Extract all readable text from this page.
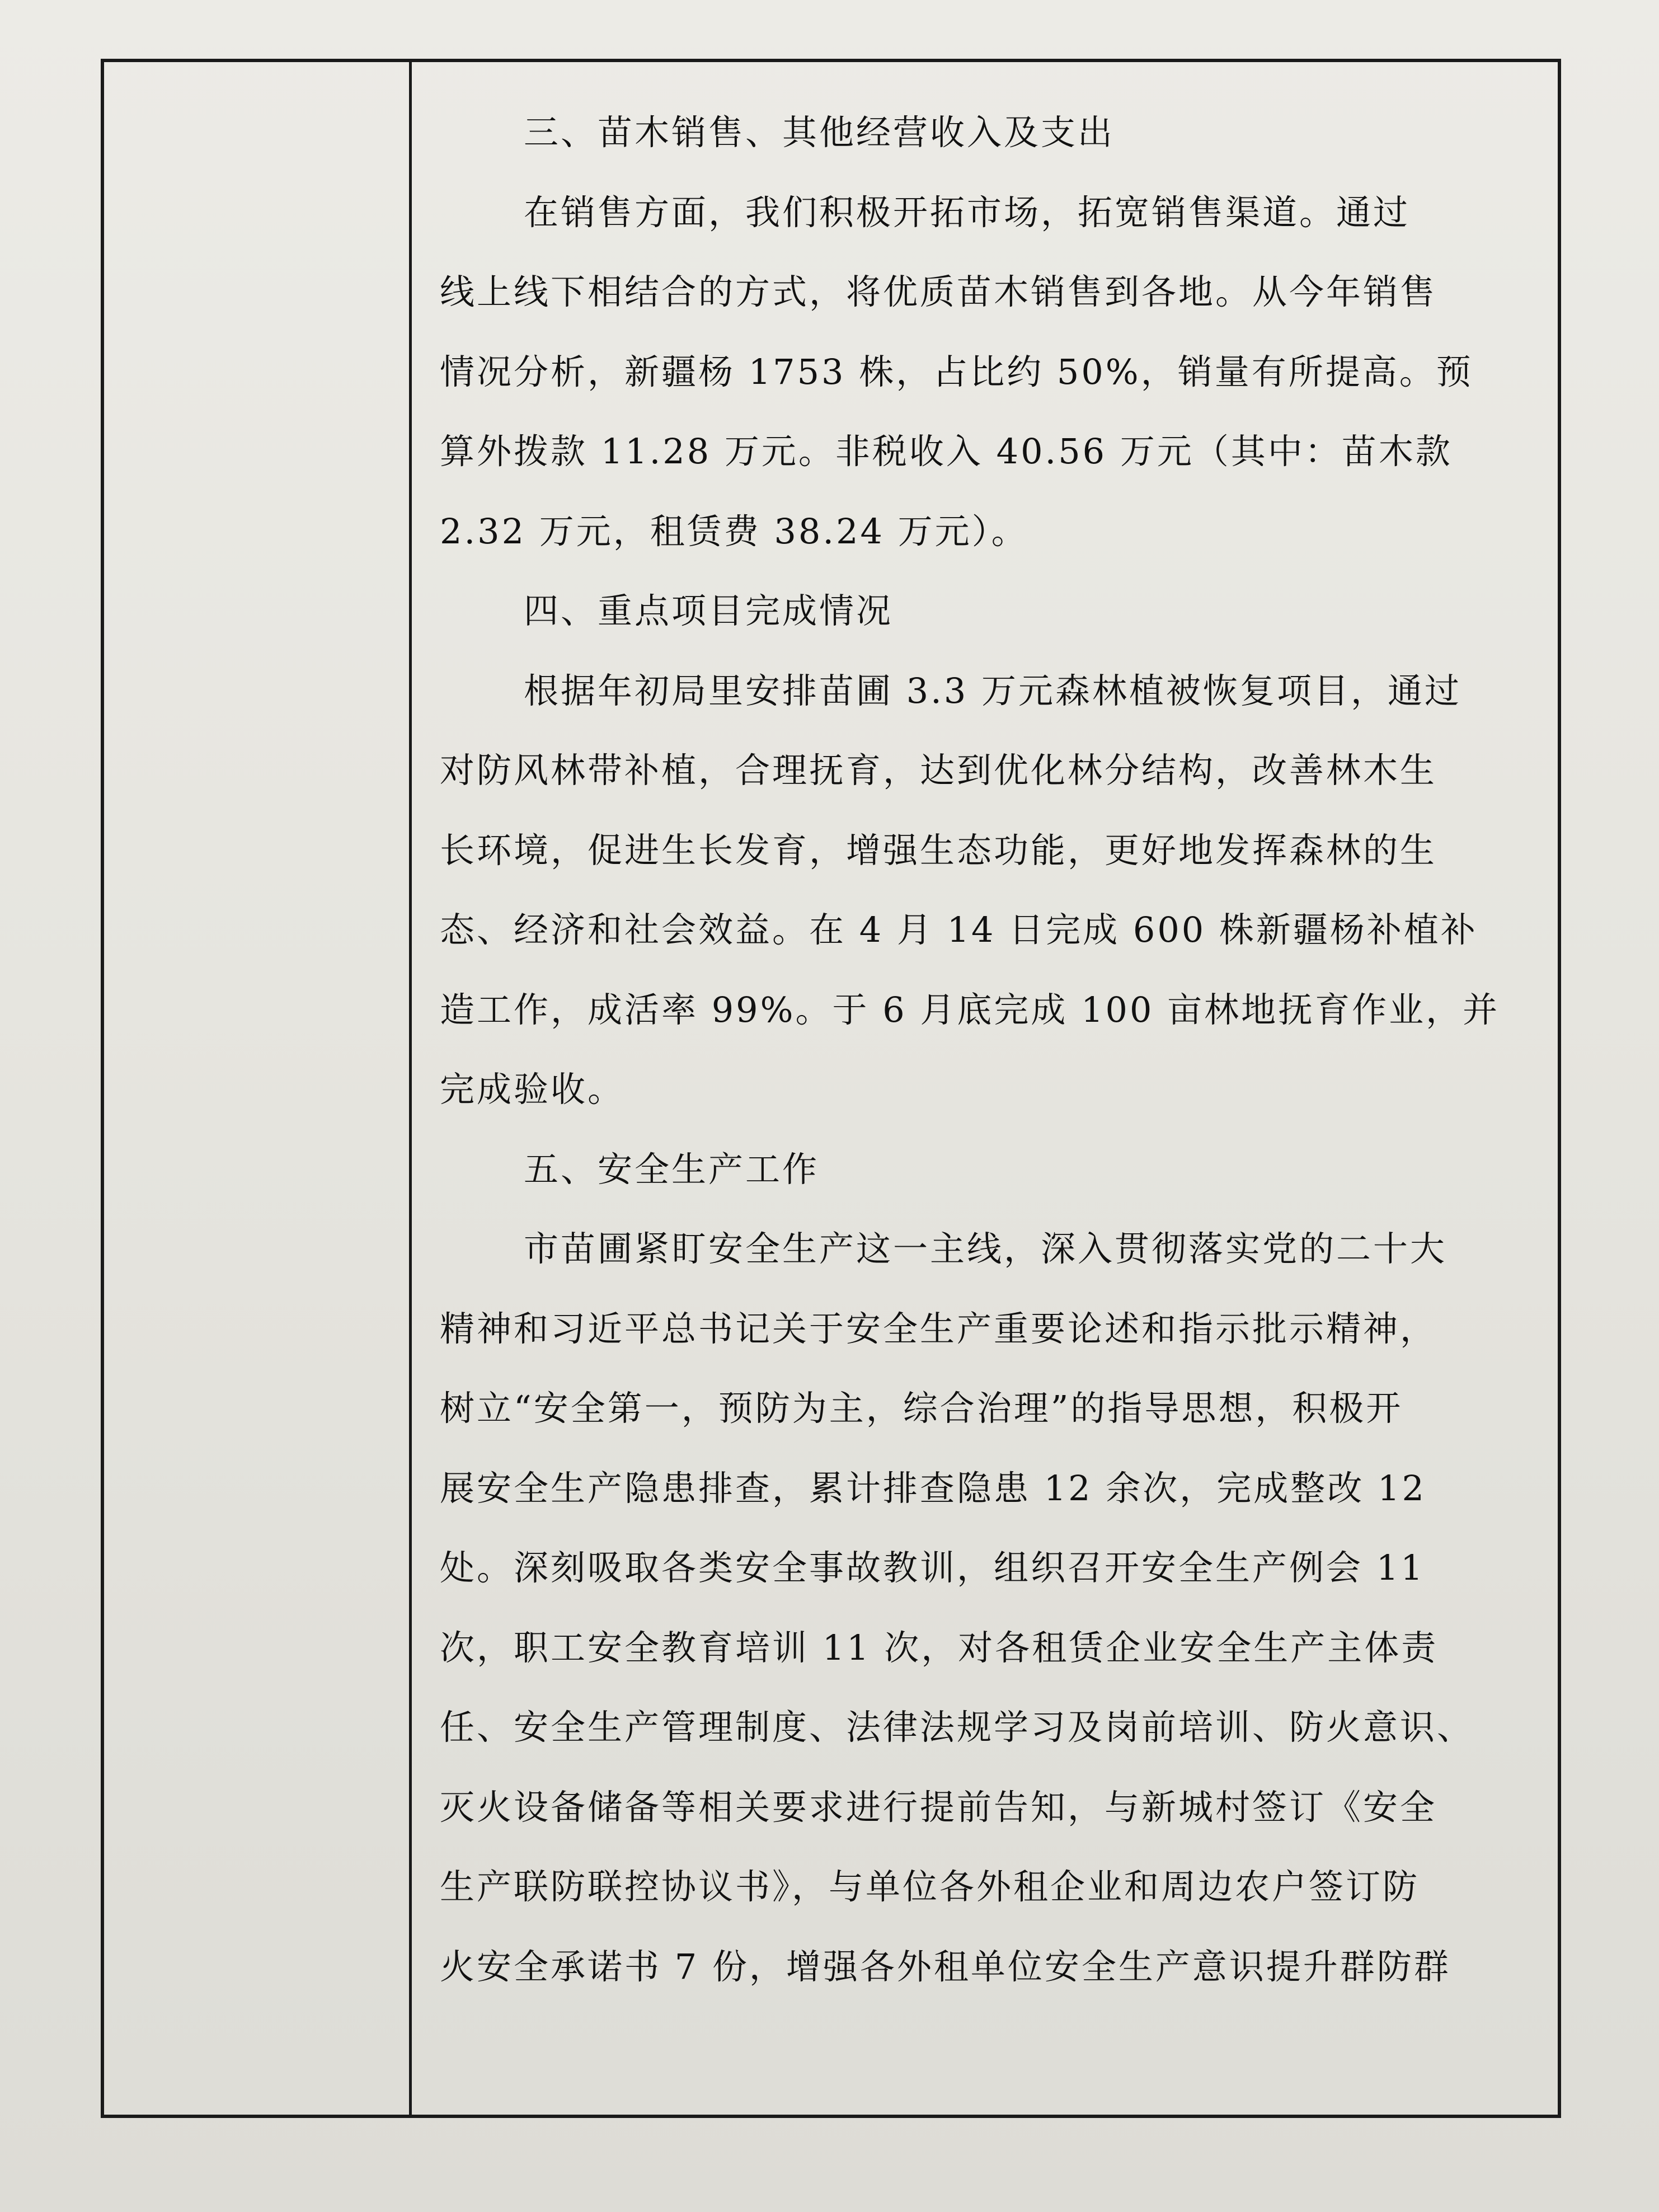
三、苗木销售、其他经营收入及支出
在销售方面，我们积极开拓市场，拓宽销售渠道。通过
线上线下相结合的方式，将优质苗木销售到各地。从今年销售
情况分析，新疆杨 1753 株，占比约 50%，销量有所提高。预
算外拨款 11.28 万元。非税收入 40.56 万元（其中：苗木款
2.32 万元，租赁费 38.24 万元）。
四、重点项目完成情况
根据年初局里安排苗圃 3.3 万元森林植被恢复项目，通过
对防风林带补植，合理抚育，达到优化林分结构，改善林木生
长环境，促进生长发育，增强生态功能，更好地发挥森林的生
态、经济和社会效益。在 4 月 14 日完成 600 株新疆杨补植补
造工作，成活率 99%。于 6 月底完成 100 亩林地抚育作业，并
完成验收。
五、安全生产工作
市苗圃紧盯安全生产这一主线，深入贯彻落实党的二十大
精神和习近平总书记关于安全生产重要论述和指示批示精神，
树立“安全第一，预防为主，综合治理”的指导思想，积极开
展安全生产隐患排查，累计排查隐患 12 余次，完成整改 12
处。深刻吸取各类安全事故教训，组织召开安全生产例会 11
次，职工安全教育培训 11 次，对各租赁企业安全生产主体责
任、安全生产管理制度、法律法规学习及岗前培训、防火意识、
灭火设备储备等相关要求进行提前告知，与新城村签订《安全
生产联防联控协议书》，与单位各外租企业和周边农户签订防
火安全承诺书 7 份，增强各外租单位安全生产意识提升群防群
